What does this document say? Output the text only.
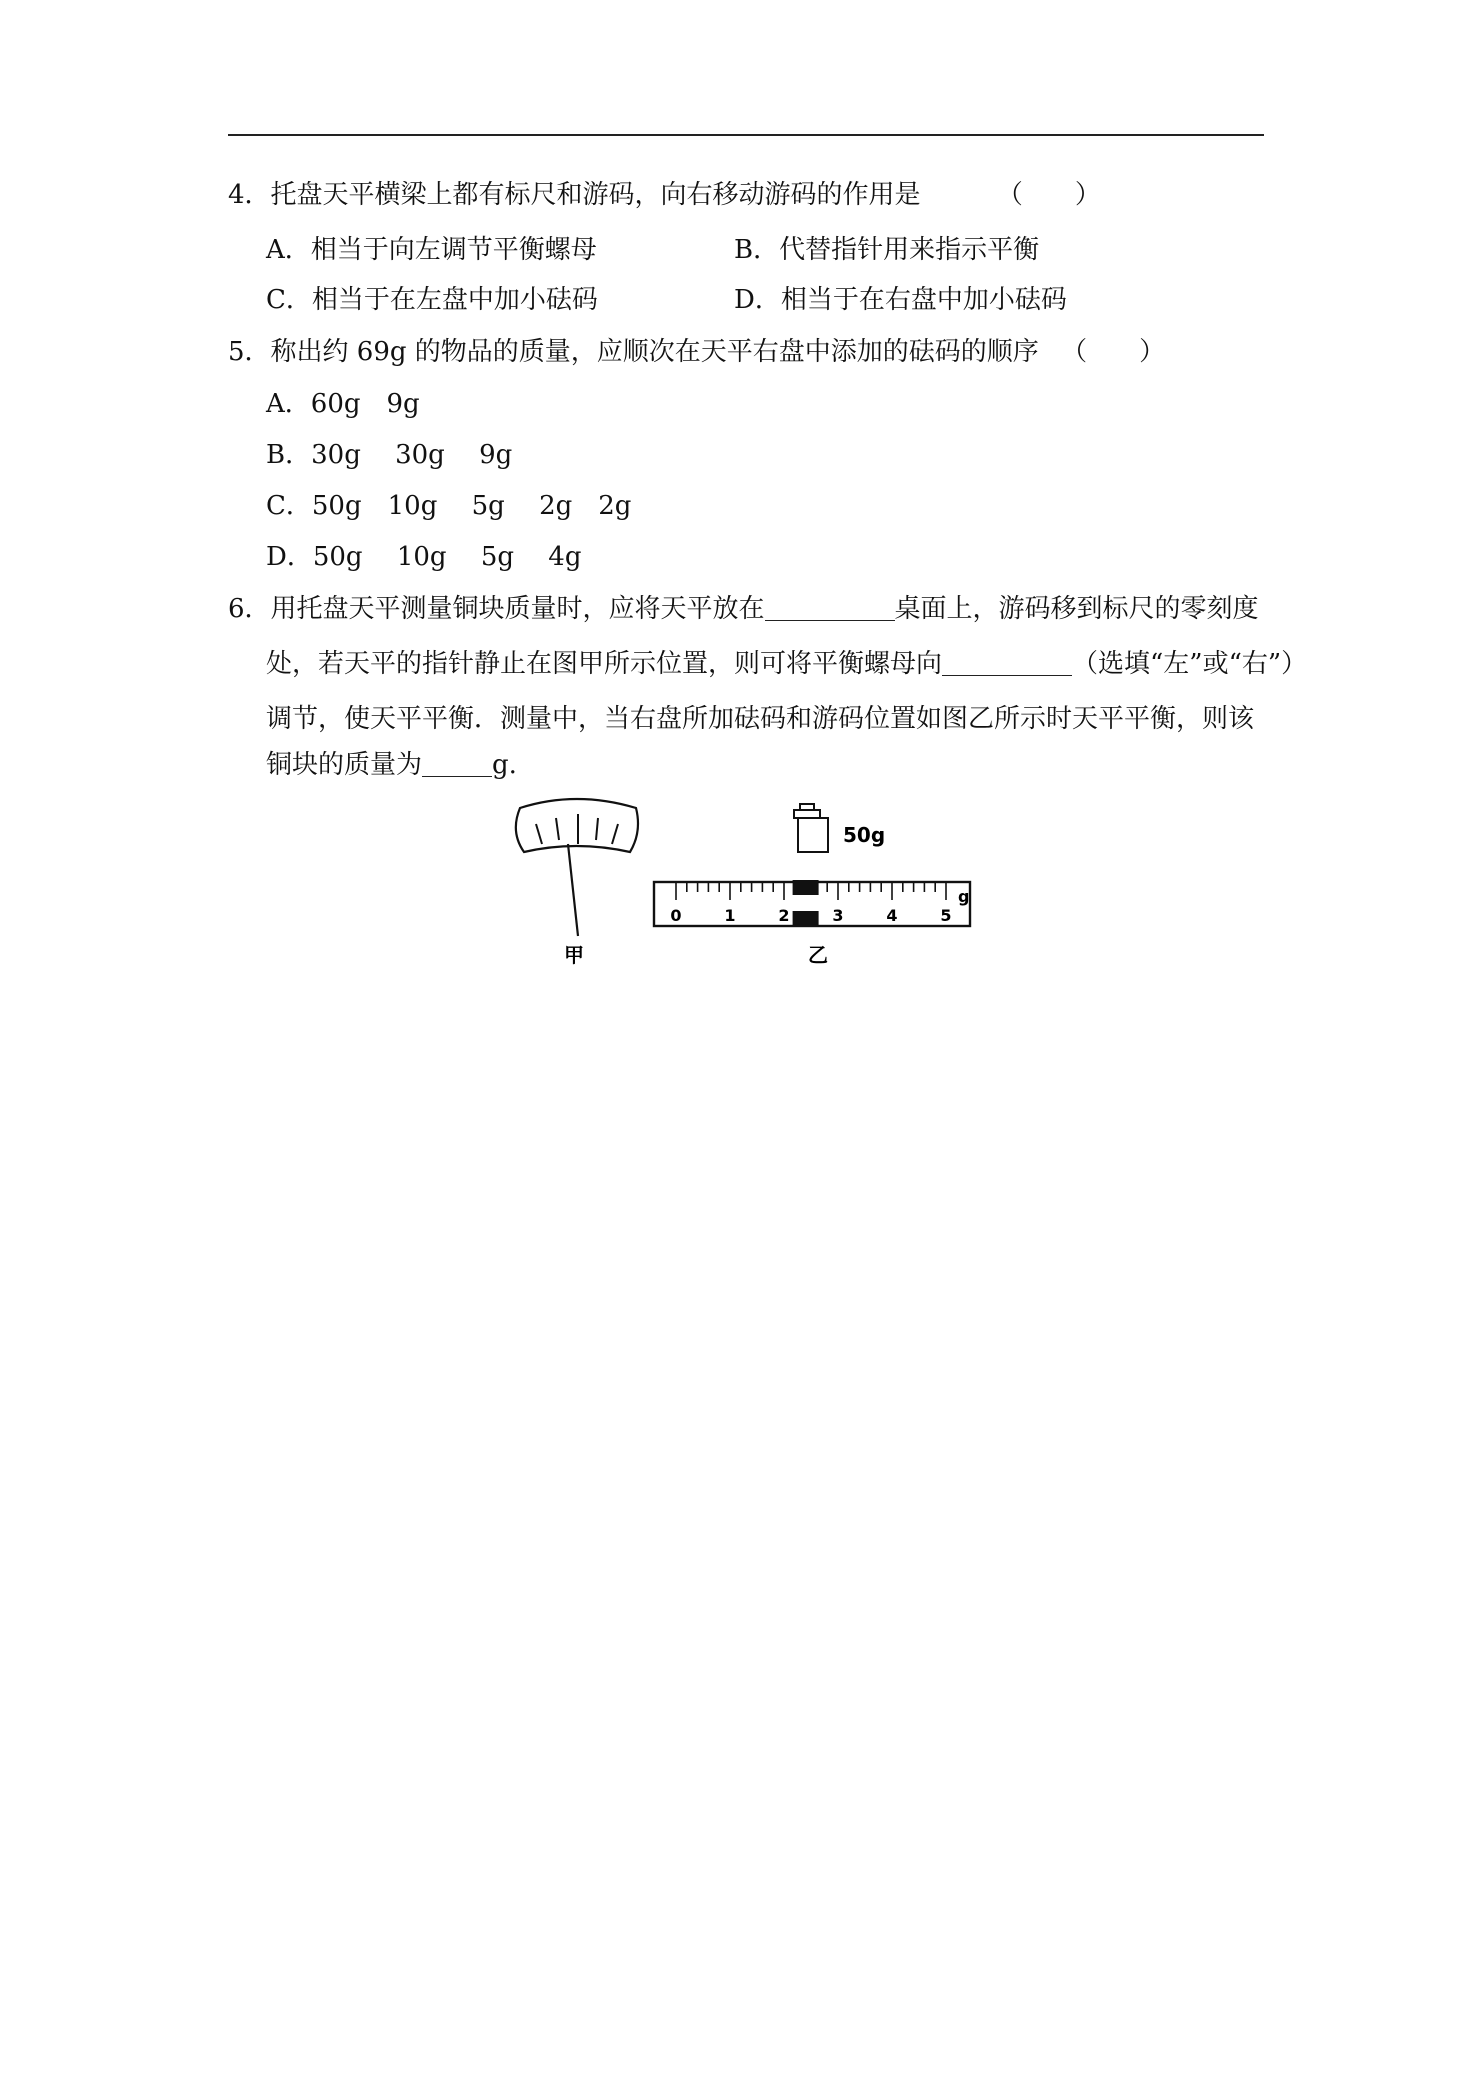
4．托盘天平横梁上都有标尺和游码，向右移动游码的作用是	（　　）
A．相当于向左调节平衡螺母	B．代替指针用来指示平衡
C．相当于在左盘中加小砝码	D．相当于在右盘中加小砝码
5．称出约 69g 的物品的质量，应顺次在天平右盘中添加的砝码的顺序 （　　）
A．60g　9g
B．30g　 30g　 9g
C．50g　10g　 5g　 2g　2g
D．50g　 10g　 5g　 4g
6．用托盘天平测量铜块质量时，应将天平放在	桌面上，游码移到标尺的零刻度
处，若天平的指针静止在图甲所示位置，则可将平衡螺母向	（选填“左”或“右”）
调节，使天平平衡．测量中，当右盘所加砝码和游码位置如图乙所示时天平平衡，则该
铜块的质量为	g.
甲
50g
0	1	2	3	4	5
g
乙
